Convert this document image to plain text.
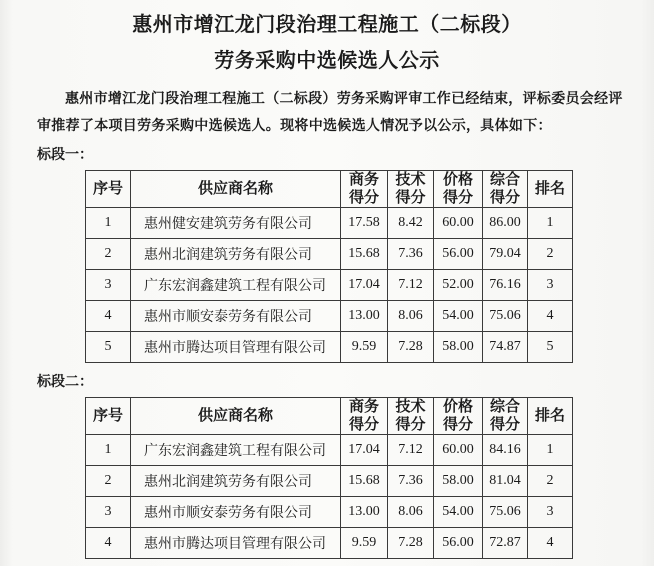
惠州市增江龙门段治理工程施工（二标段）
劳务采购中选候选人公示
惠州市增江龙门段治理工程施工（二标段）劳务采购评审工作已经结束，评标委员会经评
审推荐了本项目劳务采购中选候选人。现将中选候选人情况予以公示，具体如下：
标段一：
序号	供应商名称	商务得分	技术得分	价格得分	综合得分	排名
1	惠州健安建筑劳务有限公司	17.58	8.42	60.00	86.00	1
2	惠州北润建筑劳务有限公司	15.68	7.36	56.00	79.04	2
3	广东宏润鑫建筑工程有限公司	17.04	7.12	52.00	76.16	3
4	惠州市顺安泰劳务有限公司	13.00	8.06	54.00	75.06	4
5	惠州市腾达项目管理有限公司	9.59	7.28	58.00	74.87	5
标段二：
序号	供应商名称	商务得分	技术得分	价格得分	综合得分	排名
1	广东宏润鑫建筑工程有限公司	17.04	7.12	60.00	84.16	1
2	惠州北润建筑劳务有限公司	15.68	7.36	58.00	81.04	2
3	惠州市顺安泰劳务有限公司	13.00	8.06	54.00	75.06	3
4	惠州市腾达项目管理有限公司	9.59	7.28	56.00	72.87	4
